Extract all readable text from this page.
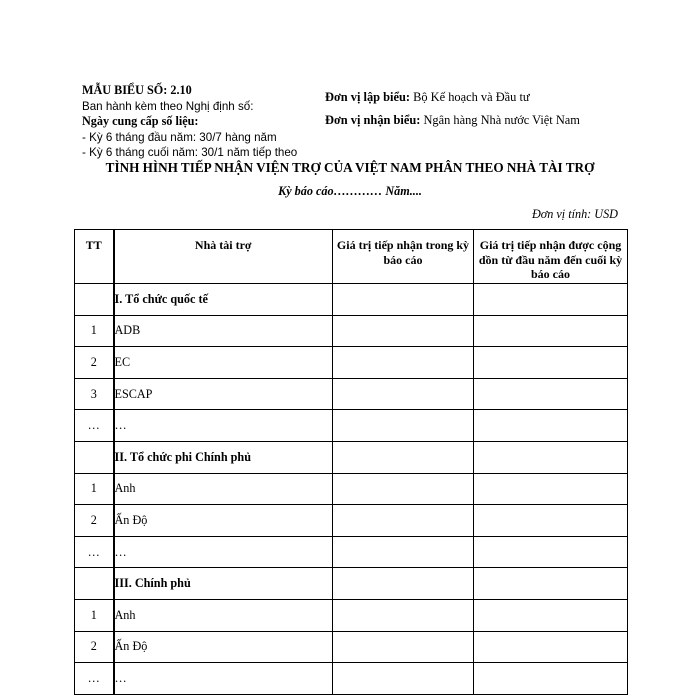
MẪU BIỂU SỐ: 2.10
Ban hành kèm theo Nghị định số:
Ngày cung cấp số liệu:
- Kỳ 6 tháng đầu năm: 30/7 hàng năm
- Kỳ 6 tháng cuối năm: 30/1 năm tiếp theo
Đơn vị lập biểu: Bộ Kế hoạch và Đầu tư
Đơn vị nhận biểu: Ngân hàng Nhà nước Việt Nam
TÌNH HÌNH TIẾP NHẬN VIỆN TRỢ CỦA VIỆT NAM PHÂN THEO NHÀ TÀI TRỢ
Kỳ báo cáo………… Năm....
Đơn vị tính: USD
TT	Nhà tài trợ	Giá trị tiếp nhận trong kỳ báo cáo	Giá trị tiếp nhận được cộng dồn từ đầu năm đến cuối kỳ báo cáo
	I. Tổ chức quốc tế		
1	ADB		
2	EC		
3	ESCAP		
…	…		
	II. Tổ chức phi Chính phủ		
1	Anh		
2	Ấn Độ		
…	…		
	III. Chính phủ		
1	Anh		
2	Ấn Độ		
…	…		
